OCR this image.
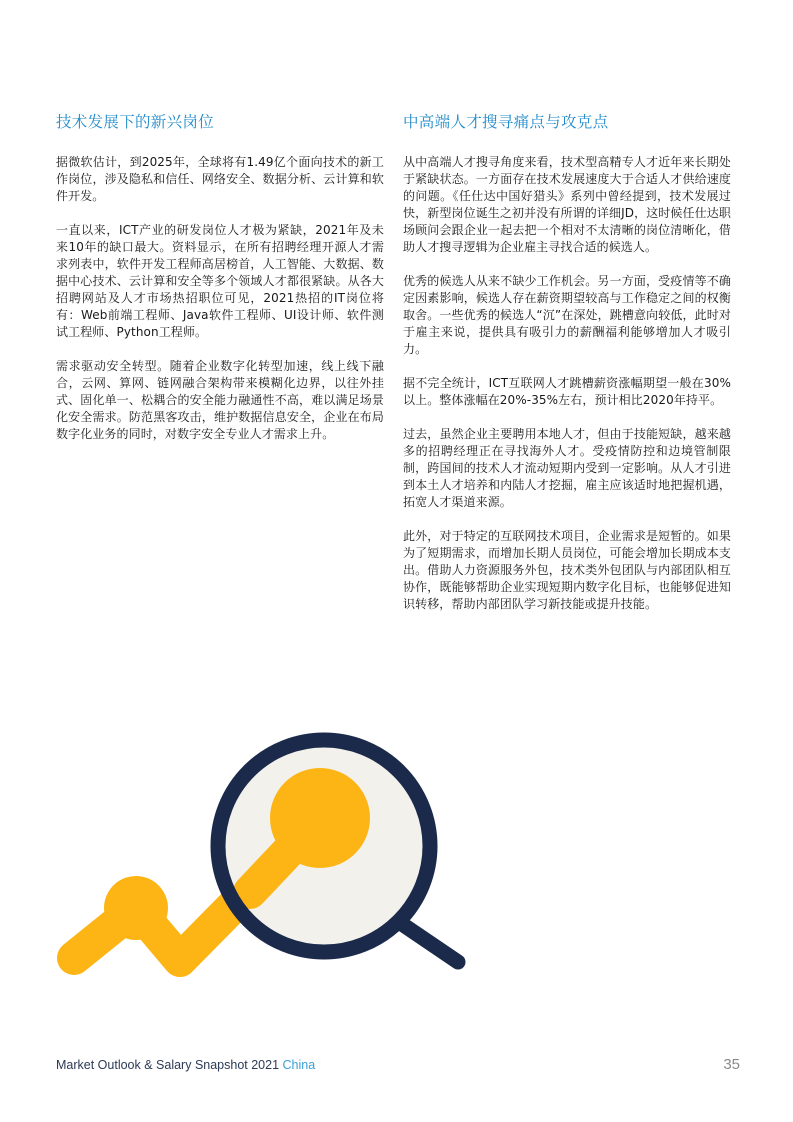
技术发展下的新兴岗位

据微软估计，到2025年，全球将有1.49亿个面向技术的新工作岗位，涉及隐私和信任、网络安全、数据分析、云计算和软件开发。

一直以来，ICT产业的研发岗位人才极为紧缺，2021年及未来10年的缺口最大。资料显示，在所有招聘经理开源人才需求列表中，软件开发工程师高居榜首，人工智能、大数据、数据中心技术、云计算和安全等多个领域人才都很紧缺。从各大招聘网站及人才市场热招职位可见，2021热招的IT岗位将有：Web前端工程师、Java软件工程师、UI设计师、软件测试工程师、Python工程师。

需求驱动安全转型。随着企业数字化转型加速，线上线下融合，云网、算网、链网融合架构带来模糊化边界，以往外挂式、固化单一、松耦合的安全能力融通性不高，难以满足场景化安全需求。防范黑客攻击，维护数据信息安全，企业在布局数字化业务的同时，对数字安全专业人才需求上升。

中高端人才搜寻痛点与攻克点

从中高端人才搜寻角度来看，技术型高精专人才近年来长期处于紧缺状态。一方面存在技术发展速度大于合适人才供给速度的问题。《任仕达中国好猎头》系列中曾经提到，技术发展过快，新型岗位诞生之初并没有所谓的详细JD，这时候任仕达职场顾问会跟企业一起去把一个相对不太清晰的岗位清晰化，借助人才搜寻逻辑为企业雇主寻找合适的候选人。

优秀的候选人从来不缺少工作机会。另一方面，受疫情等不确定因素影响，候选人存在薪资期望较高与工作稳定之间的权衡取舍。一些优秀的候选人“沉”在深处，跳槽意向较低，此时对于雇主来说，提供具有吸引力的薪酬福利能够增加人才吸引力。

据不完全统计，ICT互联网人才跳槽薪资涨幅期望一般在30%以上。整体涨幅在20%-35%左右，预计相比2020年持平。

过去，虽然企业主要聘用本地人才，但由于技能短缺，越来越多的招聘经理正在寻找海外人才。受疫情防控和边境管制限制，跨国间的技术人才流动短期内受到一定影响。从人才引进到本土人才培养和内陆人才挖掘，雇主应该适时地把握机遇，拓宽人才渠道来源。

此外，对于特定的互联网技术项目，企业需求是短暂的。如果为了短期需求，而增加长期人员岗位，可能会增加长期成本支出。借助人力资源服务外包，技术类外包团队与内部团队相互协作，既能够帮助企业实现短期内数字化目标，也能够促进知识转移，帮助内部团队学习新技能或提升技能。

Market Outlook & Salary Snapshot 2021 China	35
